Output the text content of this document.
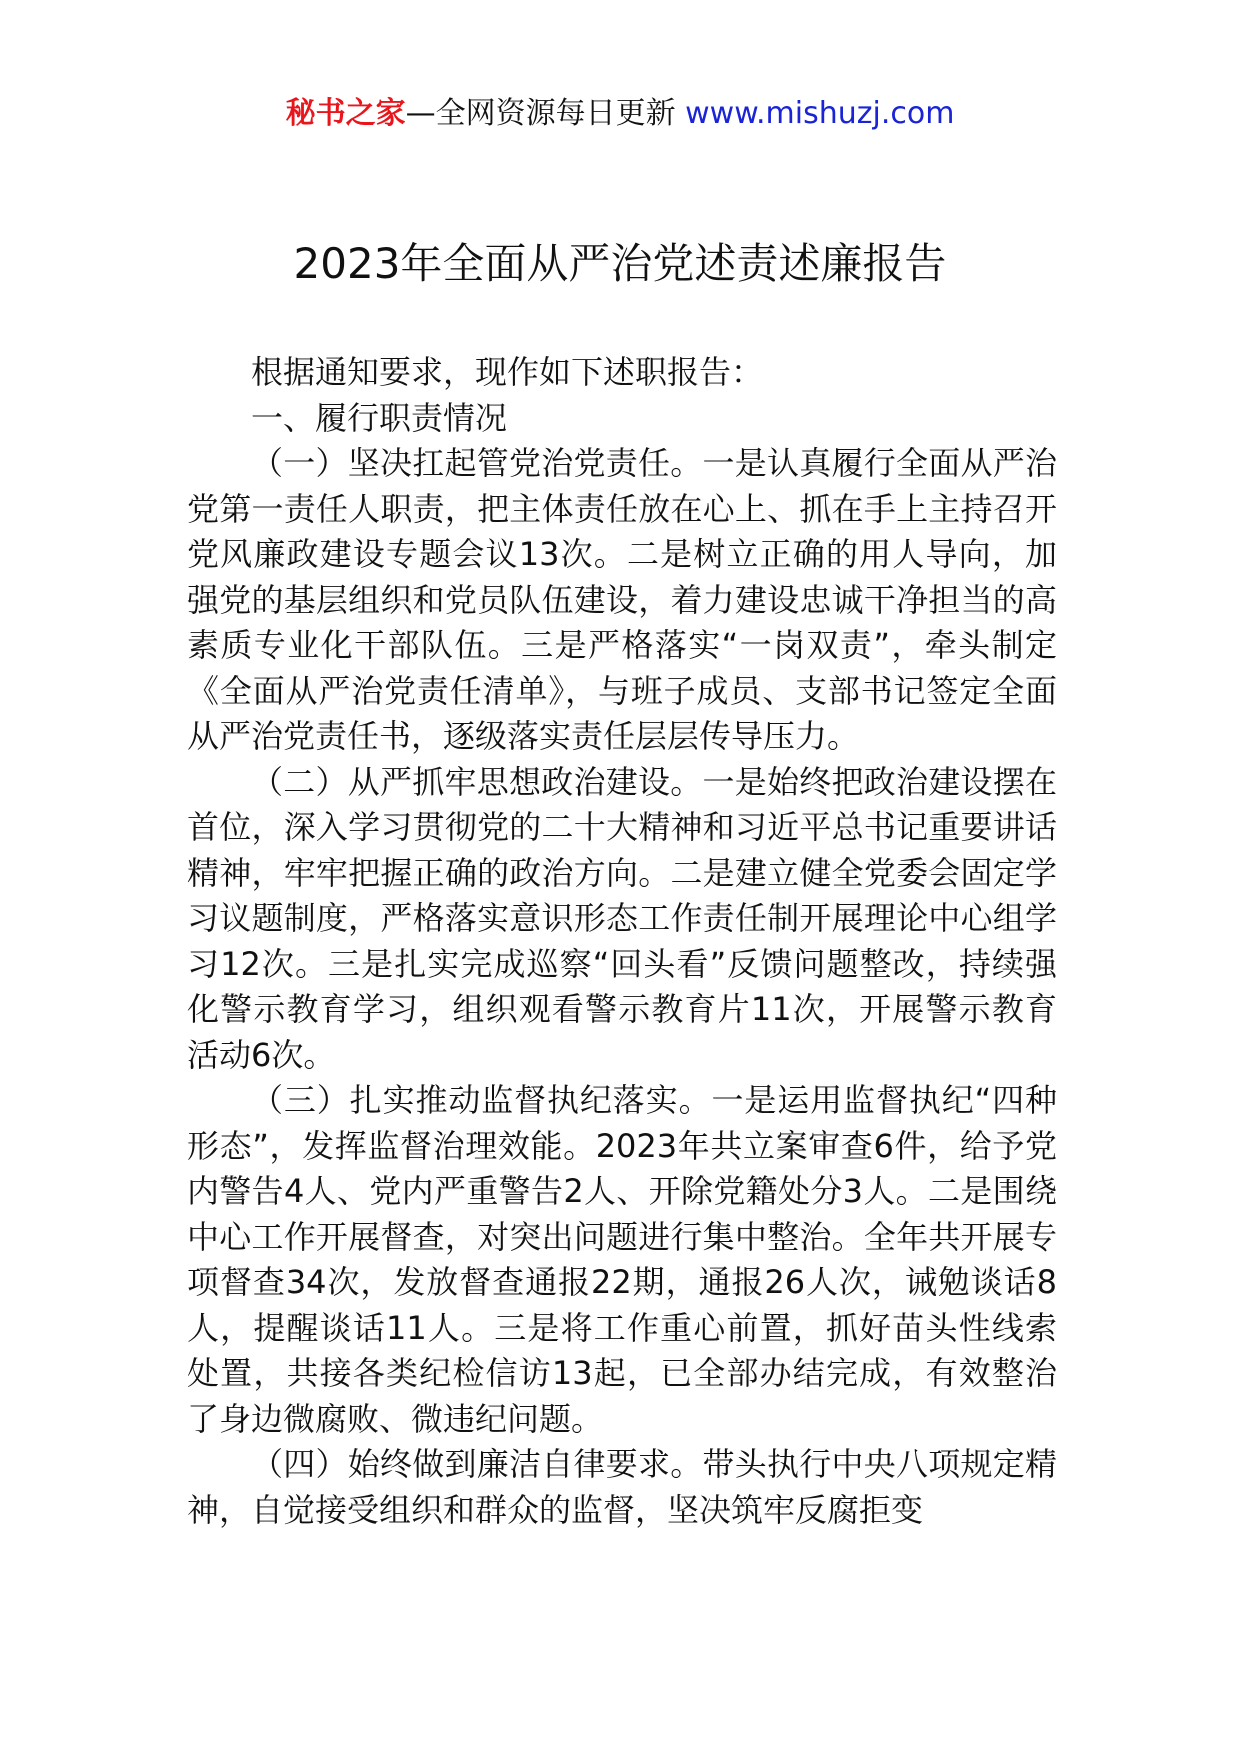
秘书之家—全网资源每日更新 www.mishuzj.com
2023年全面从严治党述责述廉报告

根据通知要求，现作如下述职报告：

一、履行职责情况

（一）坚决扛起管党治党责任。一是认真履行全面从严治党第一责任人职责，把主体责任放在心上、抓在手上主持召开党风廉政建设专题会议13次。二是树立正确的用人导向，加强党的基层组织和党员队伍建设，着力建设忠诚干净担当的高素质专业化干部队伍。三是严格落实“一岗双责”，牵头制定《全面从严治党责任清单》，与班子成员、支部书记签定全面从严治党责任书，逐级落实责任层层传导压力。

（二）从严抓牢思想政治建设。一是始终把政治建设摆在首位，深入学习贯彻党的二十大精神和习近平总书记重要讲话精神，牢牢把握正确的政治方向。二是建立健全党委会固定学习议题制度，严格落实意识形态工作责任制开展理论中心组学习12次。三是扎实完成巡察“回头看”反馈问题整改，持续强化警示教育学习，组织观看警示教育片11次，开展警示教育活动6次。

（三）扎实推动监督执纪落实。一是运用监督执纪“四种形态”，发挥监督治理效能。2023年共立案审查6件，给予党内警告4人、党内严重警告2人、开除党籍处分3人。二是围绕中心工作开展督查，对突出问题进行集中整治。全年共开展专项督查34次，发放督查通报22期，通报26人次，诫勉谈话8人，提醒谈话11人。三是将工作重心前置，抓好苗头性线索处置，共接各类纪检信访13起，已全部办结完成，有效整治了身边微腐败、微违纪问题。

（四）始终做到廉洁自律要求。带头执行中央八项规定精神，自觉接受组织和群众的监督，坚决筑牢反腐拒变
